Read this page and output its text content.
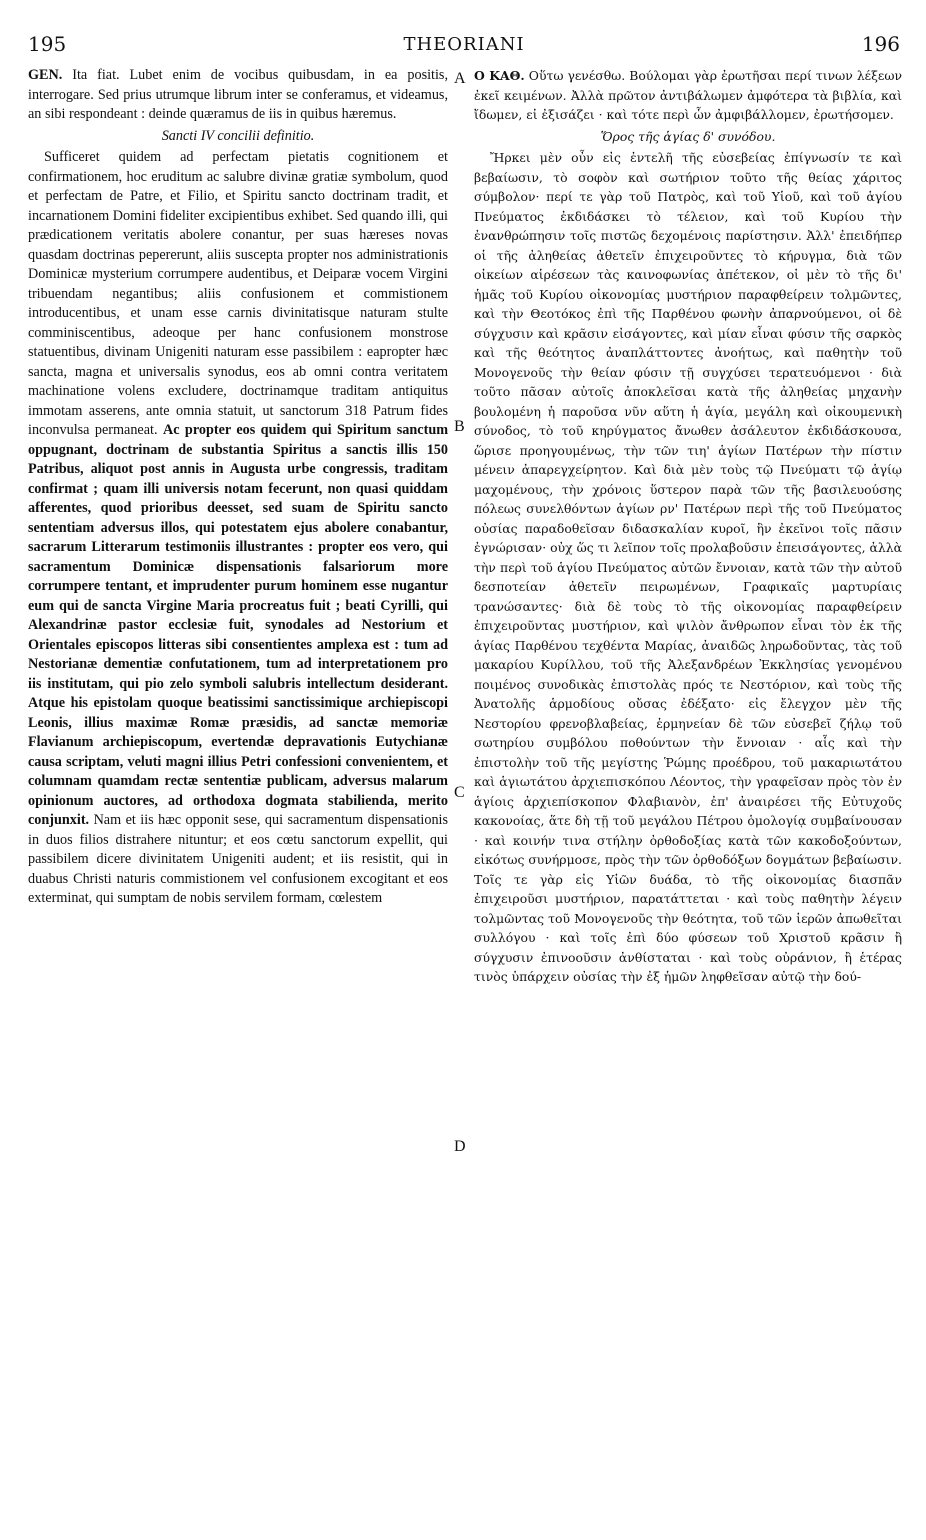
195	THEORIANI	196

GEN. Ita fiat. Lubet enim de vocibus quibusdam, in ea positis, interrogare. Sed prius utrumque librum inter se conferamus, et videamus, an sibi respondeant : deinde quæramus de iis in quibus hæremus.

Sancti IV concilii definitio.

Sufficeret quidem ad perfectam pietatis cognitionem et confirmationem, hoc eruditum ac salubre divinæ gratiæ symbolum, quod et perfectam de Patre, et Filio, et Spiritu sancto doctrinam tradit, et incarnationem Domini fideliter excipientibus exhibet. Sed quando illi, qui prædicationem veritatis abolere conantur, per suas hæreses novas quasdam doctrinas pepererunt, aliis suscepta propter nos administrationis Dominicæ mysterium corrumpere audentibus, et Deiparæ vocem Virgini tribuendam negantibus; aliis confusionem et commistionem introducentibus, et unam esse carnis divinitatisque naturam stulte comminiscentibus, adeoque per hanc confusionem monstrose statuentibus, divinam Unigeniti naturam esse passibilem : eapropter hæc sancta, magna et universalis synodus, eos ab omni contra veritatem machinatione volens excludere, doctrinamque traditam antiquitus immotam asserens, ante omnia statuit, ut sanctorum 318 Patrum fides inconvulsa permaneat. Ac propter eos quidem qui Spiritum sanctum oppugnant, doctrinam de substantia Spiritus a sanctis illis 150 Patribus, aliquot post annis in Augusta urbe congressis, traditam confirmat ; quam illi universis notam fecerunt, non quasi quiddam afferentes, quod prioribus deesset, sed suam de Spiritu sancto sententiam adversus illos, qui potestatem ejus abolere conabantur, sacrarum Litterarum testimoniis illustrantes : propter eos vero, qui sacramentum Dominicæ dispensationis falsariorum more corrumpere tentant, et imprudenter purum hominem esse nugantur eum qui de sancta Virgine Maria procreatus fuit ; beati Cyrilli, qui Alexandrinæ pastor ecclesiæ fuit, synodales ad Nestorium et Orientales episcopos litteras sibi consentientes amplexa est : tum ad Nestorianæ dementiæ confutationem, tum ad interpretationem pro iis institutam, qui pio zelo symboli salubris intellectum desiderant. Atque his epistolam quoque beatissimi sanctissimique archiepiscopi Leonis, illius maximæ Romæ præsidis, ad sanctæ memoriæ Flavianum archiepiscopum, evertendæ depravationis Eutychianæ causa scriptam, veluti magni illius Petri confessioni convenientem, et columnam quamdam rectæ sententiæ publicam, adversus malarum opinionum auctores, ad orthodoxa dogmata stabilienda, merito conjunxit. Nam et iis hæc opponit sese, qui sacramentum dispensationis in duos filios distrahere nituntur; et eos cœtu sanctorum expellit, qui passibilem dicere divinitatem Unigeniti audent; et iis resistit, qui in duabus Christi naturis commistionem vel confusionem excogitant et eos exterminat, qui sumptam de nobis servilem formam, cœlestem

A
B
C
D

Ο ΚΑΘ. Οὕτω γενέσθω. Βούλομαι γὰρ ἐρωτῆσαι περί τινων λέξεων ἐκεῖ κειμένων. Ἀλλὰ πρῶτον ἀντιβάλωμεν ἀμφότερα τὰ βιβλία, καὶ ἴδωμεν, εἰ ἐξισάζει · καὶ τότε περὶ ὧν ἀμφιβάλλομεν, ἐρωτήσομεν.

Ὅρος τῆς ἁγίας δ' συνόδου.

Ἤρκει μὲν οὖν εἰς ἐντελῆ τῆς εὐσεβείας ἐπίγνωσίν τε καὶ βεβαίωσιν, τὸ σοφὸν καὶ σωτήριον τοῦτο τῆς θείας χάριτος σύμβολον· περί τε γὰρ τοῦ Πατρὸς, καὶ τοῦ Υἱοῦ, καὶ τοῦ ἁγίου Πνεύματος ἐκδιδάσκει τὸ τέλειον, καὶ τοῦ Κυρίου τὴν ἐνανθρώπησιν τοῖς πιστῶς δεχομένοις παρίστησιν. Ἀλλ' ἐπειδήπερ οἱ τῆς ἀληθείας ἀθετεῖν ἐπιχειροῦντες τὸ κήρυγμα, διὰ τῶν οἰκείων αἱρέσεων τὰς καινοφωνίας ἀπέτεκον, οἱ μὲν τὸ τῆς δι' ἡμᾶς τοῦ Κυρίου οἰκονομίας μυστήριον παραφθείρειν τολμῶντες, καὶ τὴν Θεοτόκος ἐπὶ τῆς Παρθένου φωνὴν ἀπαρνούμενοι, οἱ δὲ σύγχυσιν καὶ κρᾶσιν εἰσάγοντες, καὶ μίαν εἶναι φύσιν τῆς σαρκὸς καὶ τῆς θεότητος ἀναπλάττοντες ἀνοήτως, καὶ παθητὴν τοῦ Μονογενοῦς τὴν θείαν φύσιν τῇ συγχύσει τερατευόμενοι · διὰ τοῦτο πᾶσαν αὐτοῖς ἀποκλεῖσαι κατὰ τῆς ἀληθείας μηχανὴν βουλομένη ἡ παροῦσα νῦν αὕτη ἡ ἁγία, μεγάλη καὶ οἰκουμενικὴ σύνοδος, τὸ τοῦ κηρύγματος ἄνωθεν ἀσάλευτον ἐκδιδάσκουσα, ὥρισε προηγουμένως, τὴν τῶν τιη' ἁγίων Πατέρων τὴν πίστιν μένειν ἀπαρεγχείρητον. Καὶ διὰ μὲν τοὺς τῷ Πνεύματι τῷ ἁγίῳ μαχομένους, τὴν χρόνοις ὕστερον παρὰ τῶν τῆς βασιλευούσης πόλεως συνελθόντων ἁγίων ρν' Πατέρων περὶ τῆς τοῦ Πνεύματος οὐσίας παραδοθεῖσαν διδασκαλίαν κυροῖ, ἣν ἐκεῖνοι τοῖς πᾶσιν ἐγνώρισαν· οὐχ ὥς τι λεῖπον τοῖς προλαβοῦσιν ἐπεισάγοντες, ἀλλὰ τὴν περὶ τοῦ ἁγίου Πνεύματος αὐτῶν ἔννοιαν, κατὰ τῶν τὴν αὐτοῦ δεσποτείαν ἀθετεῖν πειρωμένων, Γραφικαῖς μαρτυρίαις τρανώσαντες· διὰ δὲ τοὺς τὸ τῆς οἰκονομίας παραφθείρειν ἐπιχειροῦντας μυστήριον, καὶ ψιλὸν ἄνθρωπον εἶναι τὸν ἐκ τῆς ἁγίας Παρθένου τεχθέντα Μαρίας, ἀναιδῶς ληρωδοῦντας, τὰς τοῦ μακαρίου Κυρίλλου, τοῦ τῆς Ἀλεξανδρέων Ἐκκλησίας γενομένου ποιμένος συνοδικὰς ἐπιστολὰς πρός τε Νεστόριον, καὶ τοὺς τῆς Ἀνατολῆς ἁρμοδίους οὔσας ἐδέξατο· εἰς ἔλεγχον μὲν τῆς Νεστορίου φρενοβλαβείας, ἑρμηνείαν δὲ τῶν εὐσεβεῖ ζήλῳ τοῦ σωτηρίου συμβόλου ποθούντων τὴν ἔννοιαν · αἷς καὶ τὴν ἐπιστολὴν τοῦ τῆς μεγίστης Ῥώμης προέδρου, τοῦ μακαριωτάτου καὶ ἁγιωτάτου ἀρχιεπισκόπου Λέοντος, τὴν γραφεῖσαν πρὸς τὸν ἐν ἁγίοις ἀρχιεπίσκοπον Φλαβιανὸν, ἐπ' ἀναιρέσει τῆς Εὐτυχοῦς κακονοίας, ἅτε δὴ τῇ τοῦ μεγάλου Πέτρου ὁμολογίᾳ συμβαίνουσαν · καὶ κοινήν τινα στήλην ὀρθοδοξίας κατὰ τῶν κακοδοξούντων, εἰκότως συνήρμοσε, πρὸς τὴν τῶν ὀρθοδόξων δογμάτων βεβαίωσιν. Τοῖς τε γὰρ εἰς Υἱῶν δυάδα, τὸ τῆς οἰκονομίας διασπᾶν ἐπιχειροῦσι μυστήριον, παρατάττεται · καὶ τοὺς παθητὴν λέγειν τολμῶντας τοῦ Μονογενοῦς τὴν θεότητα, τοῦ τῶν ἱερῶν ἀπωθεῖται συλλόγου · καὶ τοῖς ἐπὶ δύο φύσεων τοῦ Χριστοῦ κρᾶσιν ἢ σύγχυσιν ἐπινοοῦσιν ἀνθίσταται · καὶ τοὺς οὐράνιον, ἢ ἑτέρας τινὸς ὑπάρχειν οὐσίας τὴν ἐξ ἡμῶν ληφθεῖσαν αὐτῷ τὴν δού-
